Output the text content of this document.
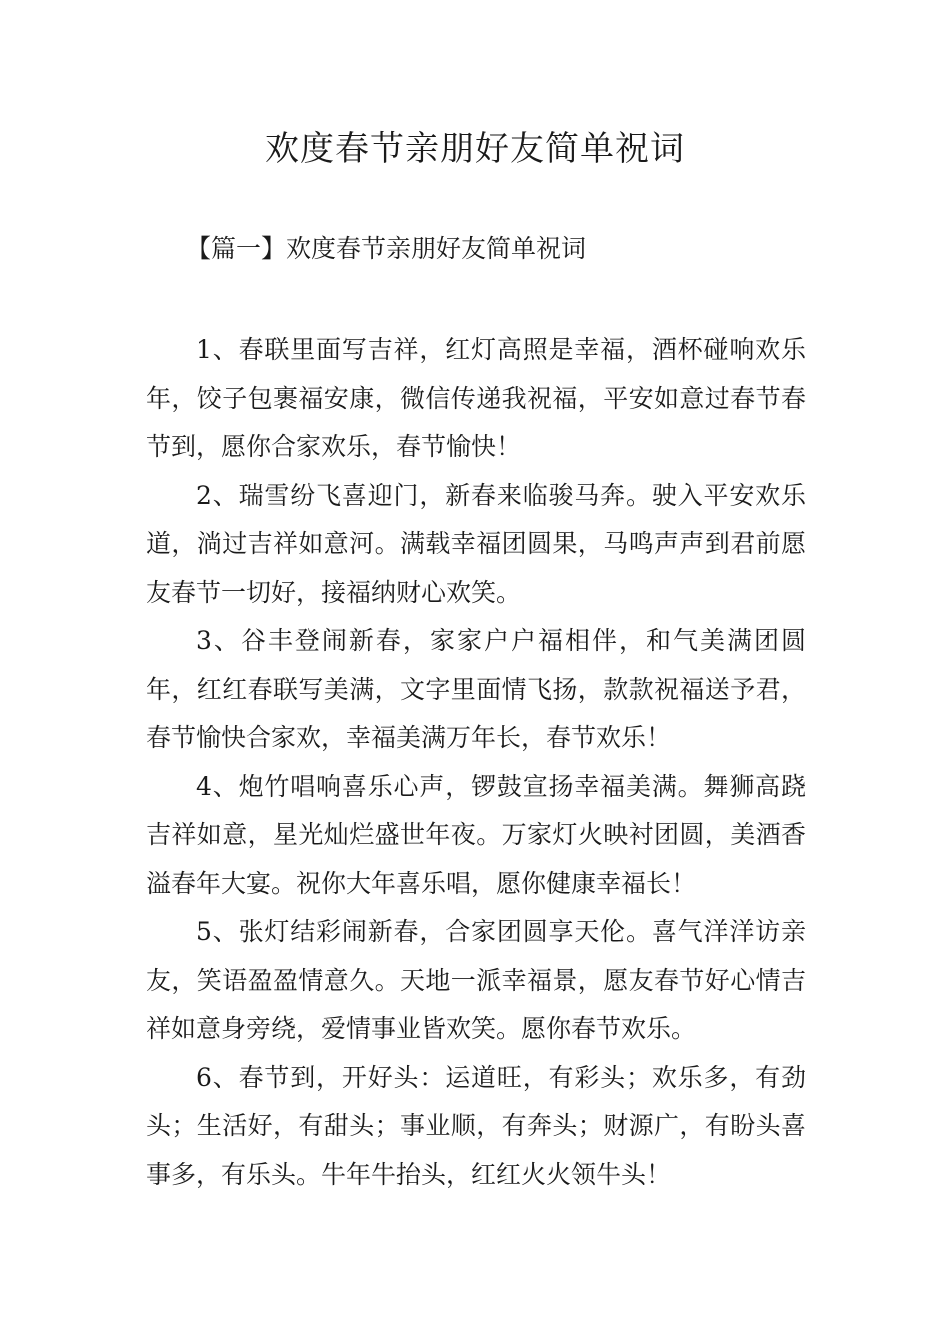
欢度春节亲朋好友简单祝词
【篇一】欢度春节亲朋好友简单祝词

1、春联里面写吉祥，红灯高照是幸福，酒杯碰响欢乐年，饺子包裹福安康，微信传递我祝福，平安如意过春节春节到，愿你合家欢乐，春节愉快！

2、瑞雪纷飞喜迎门，新春来临骏马奔。驶入平安欢乐道，淌过吉祥如意河。满载幸福团圆果，马鸣声声到君前愿友春节一切好，接福纳财心欢笑。

3、谷丰登闹新春，家家户户福相伴，和气美满团圆年，红红春联写美满，文字里面情飞扬，款款祝福送予君，春节愉快合家欢，幸福美满万年长，春节欢乐！

4、炮竹唱响喜乐心声，锣鼓宣扬幸福美满。舞狮高跷吉祥如意，星光灿烂盛世年夜。万家灯火映衬团圆，美酒香溢春年大宴。祝你大年喜乐唱，愿你健康幸福长！

5、张灯结彩闹新春，合家团圆享天伦。喜气洋洋访亲友，笑语盈盈情意久。天地一派幸福景，愿友春节好心情吉祥如意身旁绕，爱情事业皆欢笑。愿你春节欢乐。

6、春节到，开好头：运道旺，有彩头；欢乐多，有劲头；生活好，有甜头；事业顺，有奔头；财源广，有盼头喜事多，有乐头。牛年牛抬头，红红火火领牛头！
